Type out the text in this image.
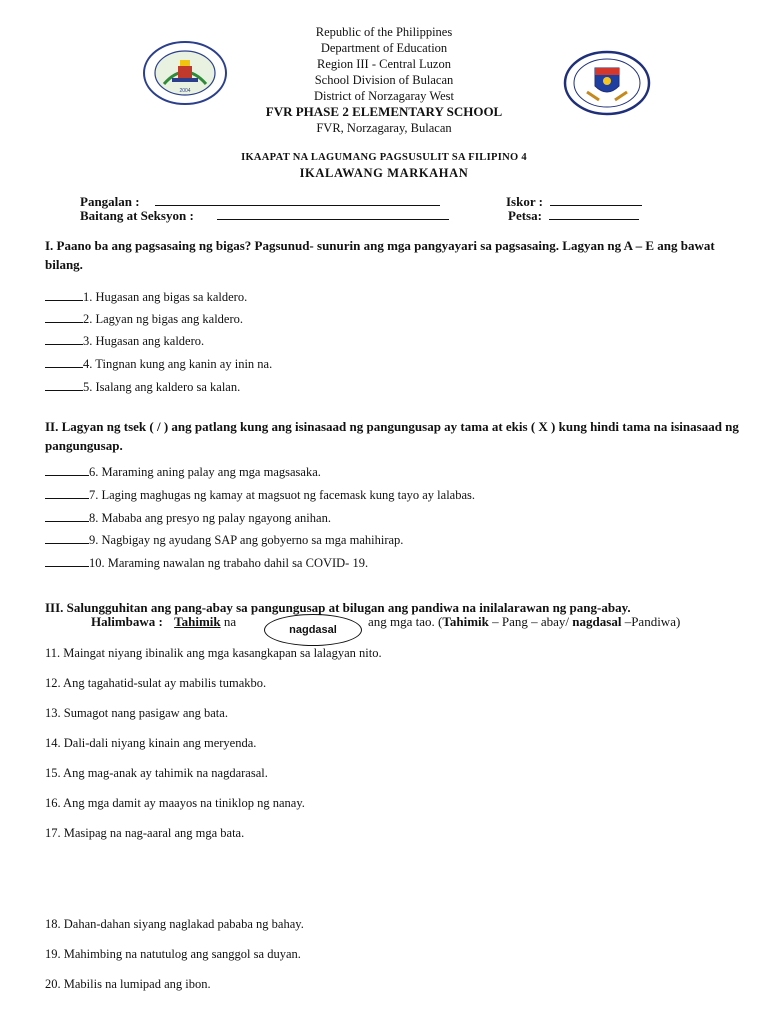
2004
Republic of the Philippines
Department of Education
Region III - Central Luzon
School Division of Bulacan
District of Norzagaray West
FVR PHASE 2 ELEMENTARY SCHOOL
FVR, Norzagaray, Bulacan
IKAAPAT NA LAGUMANG PAGSUSULIT SA FILIPINO 4
IKALAWANG MARKAHAN
Pangalan :	Iskor :
Baitang at Seksyon :	Petsa:
I. Paano ba ang pagsasaing ng bigas? Pagsunud- sunurin ang mga pangyayari sa pagsasaing. Lagyan ng A – E ang bawat bilang.
1. Hugasan ang bigas sa kaldero.
2. Lagyan ng bigas ang kaldero.
3. Hugasan ang kaldero.
4. Tingnan kung ang kanin ay inin na.
5. Isalang ang kaldero sa kalan.
II. Lagyan ng tsek ( / ) ang patlang kung ang isinasaad ng pangungusap ay tama at ekis ( X ) kung hindi tama na isinasaad ng pangungusap.
6. Maraming aning palay ang mga magsasaka.
7. Laging maghugas ng kamay at magsuot ng facemask kung tayo ay lalabas.
8. Mababa ang presyo ng palay ngayong anihan.
9. Nagbigay ng ayudang SAP ang gobyerno sa mga mahihirap.
10. Maraming nawalan ng trabaho dahil sa COVID- 19.
III. Salungguhitan ang pang-abay sa pangungusap at bilugan ang pandiwa na inilalarawan ng pang-abay.
Halimbawa : Tahimik na
nagdasal
ang mga tao. (Tahimik – Pang – abay/ nagdasal –Pandiwa)
11. Maingat niyang ibinalik ang mga kasangkapan sa lalagyan nito.
12. Ang tagahatid-sulat ay mabilis tumakbo.
13. Sumagot nang pasigaw ang bata.
14. Dali-dali niyang kinain ang meryenda.
15. Ang mag-anak ay tahimik na nagdarasal.
16. Ang mga damit ay maayos na tiniklop ng nanay.
17. Masipag na nag-aaral ang mga bata.
18. Dahan-dahan siyang naglakad pababa ng bahay.
19. Mahimbing na natutulog ang sanggol sa duyan.
20. Mabilis na lumipad ang ibon.
